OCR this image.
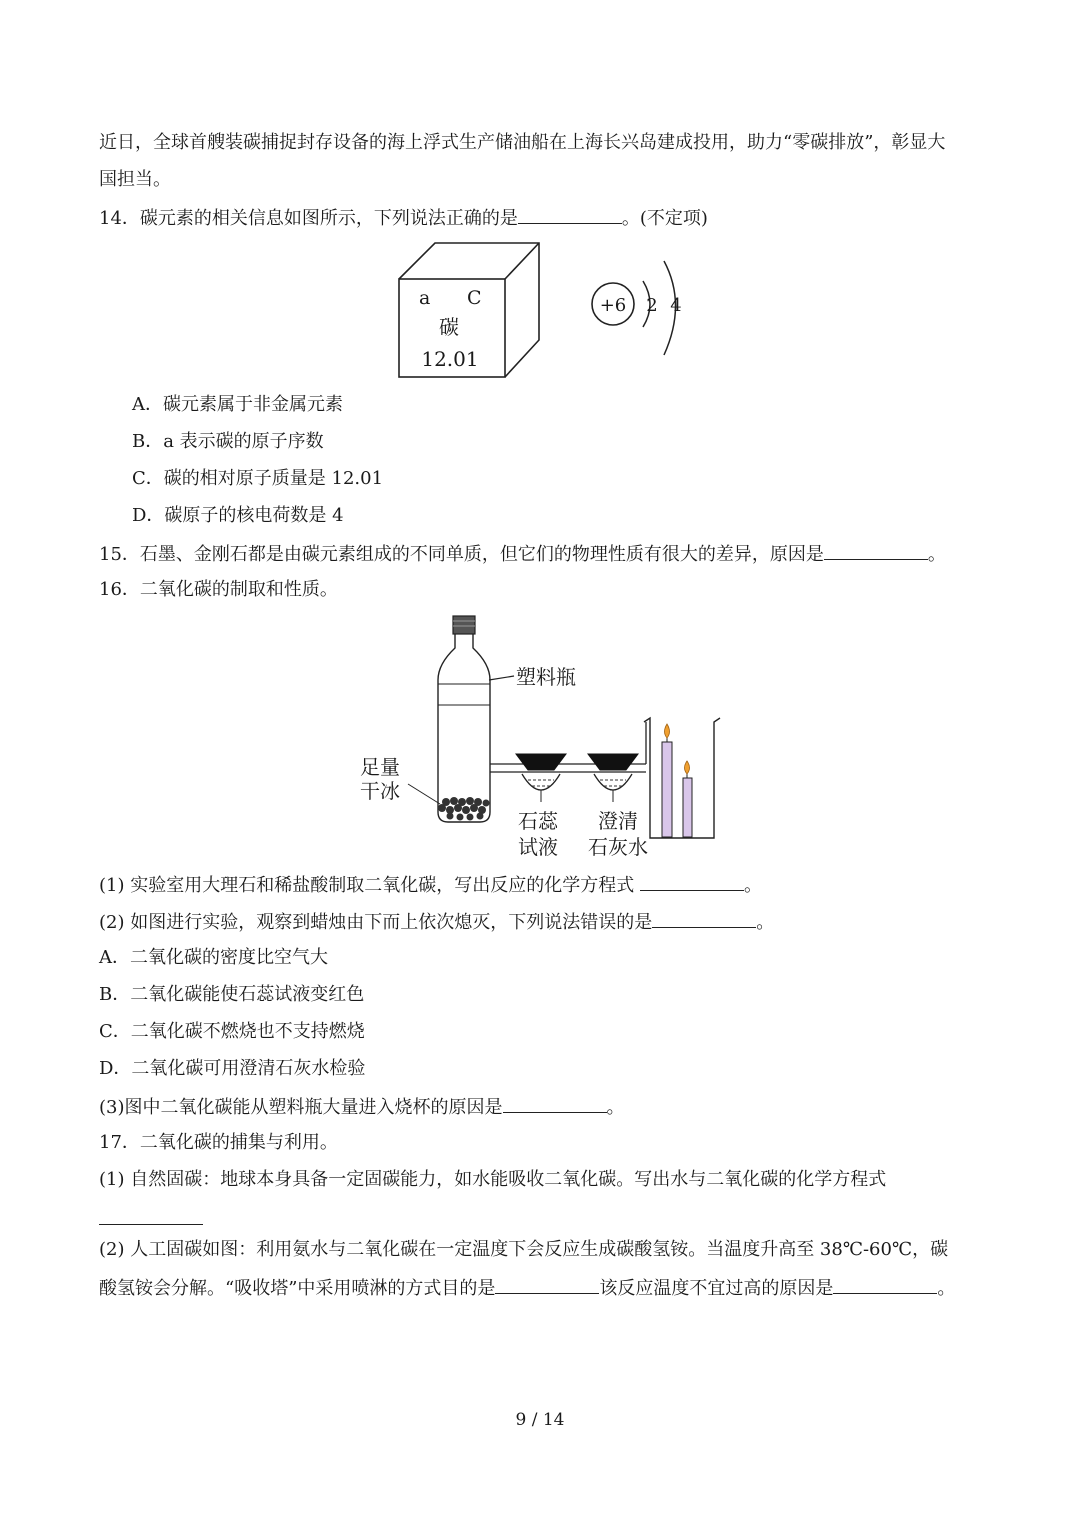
近日，全球首艘装碳捕捉封存设备的海上浮式生产储油船在上海长兴岛建成投用，助力“零碳排放”，彰显大
国担当。
14．碳元素的相关信息如图所示，下列说法正确的是	。(不定项)
a C
碳
12.01
+6 2 4
A．碳元素属于非金属元素
B．a 表示碳的原子序数
C．碳的相对原子质量是 12.01
D．碳原子的核电荷数是 4
15．石墨、金刚石都是由碳元素组成的不同单质，但它们的物理性质有很大的差异，原因是	。
16．二氧化碳的制取和性质。
塑料瓶
足量
干冰
石蕊
试液
澄清
石灰水
(1) 实验室用大理石和稀盐酸制取二氧化碳，写出反应的化学方程式	。
(2) 如图进行实验，观察到蜡烛由下而上依次熄灭，下列说法错误的是	。
A．二氧化碳的密度比空气大
B．二氧化碳能使石蕊试液变红色
C．二氧化碳不燃烧也不支持燃烧
D．二氧化碳可用澄清石灰水检验
(3)图中二氧化碳能从塑料瓶大量进入烧杯的原因是	。
17．二氧化碳的捕集与利用。
(1) 自然固碳：地球本身具备一定固碳能力，如水能吸收二氧化碳。写出水与二氧化碳的化学方程式
(2) 人工固碳如图：利用氨水与二氧化碳在一定温度下会反应生成碳酸氢铵。当温度升高至 38℃-60℃，碳
酸氢铵会分解。“吸收塔”中采用喷淋的方式目的是	该反应温度不宜过高的原因是	。
9 / 14
